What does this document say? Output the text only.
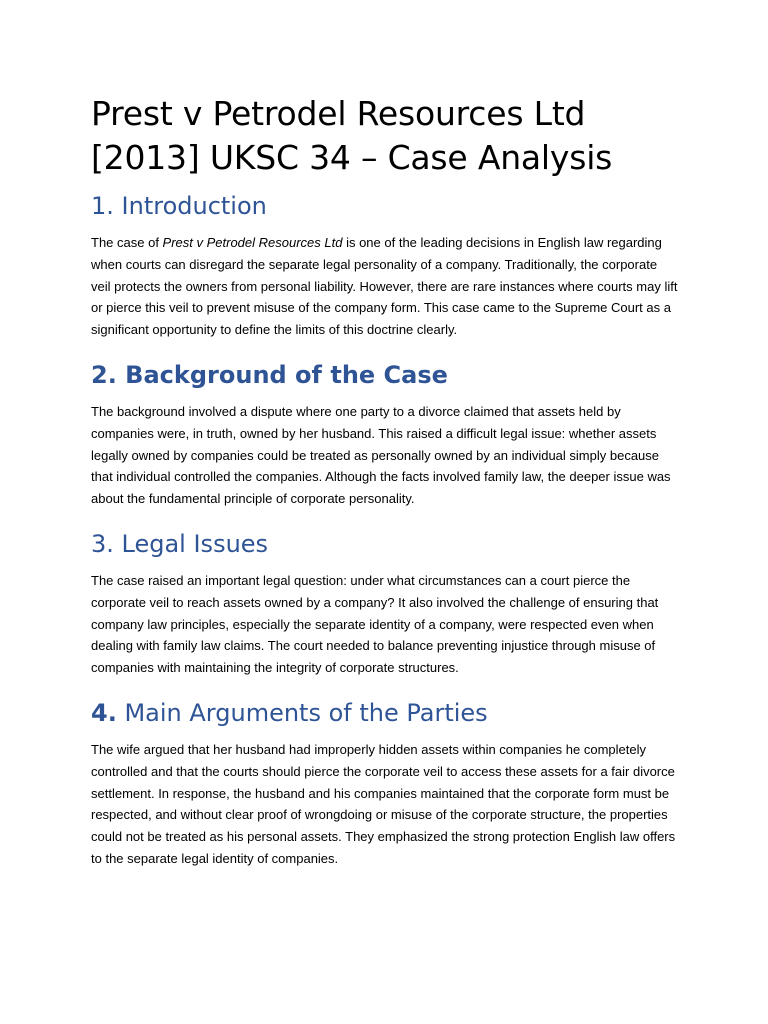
Prest v Petrodel Resources Ltd [2013] UKSC 34 – Case Analysis
1. Introduction

The case of Prest v Petrodel Resources Ltd is one of the leading decisions in English law regarding when courts can disregard the separate legal personality of a company. Traditionally, the corporate veil protects the owners from personal liability. However, there are rare instances where courts may lift or pierce this veil to prevent misuse of the company form. This case came to the Supreme Court as a significant opportunity to define the limits of this doctrine clearly.

2. Background of the Case

The background involved a dispute where one party to a divorce claimed that assets held by companies were, in truth, owned by her husband. This raised a difficult legal issue: whether assets legally owned by companies could be treated as personally owned by an individual simply because that individual controlled the companies. Although the facts involved family law, the deeper issue was about the fundamental principle of corporate personality.

3. Legal Issues

The case raised an important legal question: under what circumstances can a court pierce the corporate veil to reach assets owned by a company? It also involved the challenge of ensuring that company law principles, especially the separate identity of a company, were respected even when dealing with family law claims. The court needed to balance preventing injustice through misuse of companies with maintaining the integrity of corporate structures.

4. Main Arguments of the Parties

The wife argued that her husband had improperly hidden assets within companies he completely controlled and that the courts should pierce the corporate veil to access these assets for a fair divorce settlement. In response, the husband and his companies maintained that the corporate form must be respected, and without clear proof of wrongdoing or misuse of the corporate structure, the properties could not be treated as his personal assets. They emphasized the strong protection English law offers to the separate legal identity of companies.
